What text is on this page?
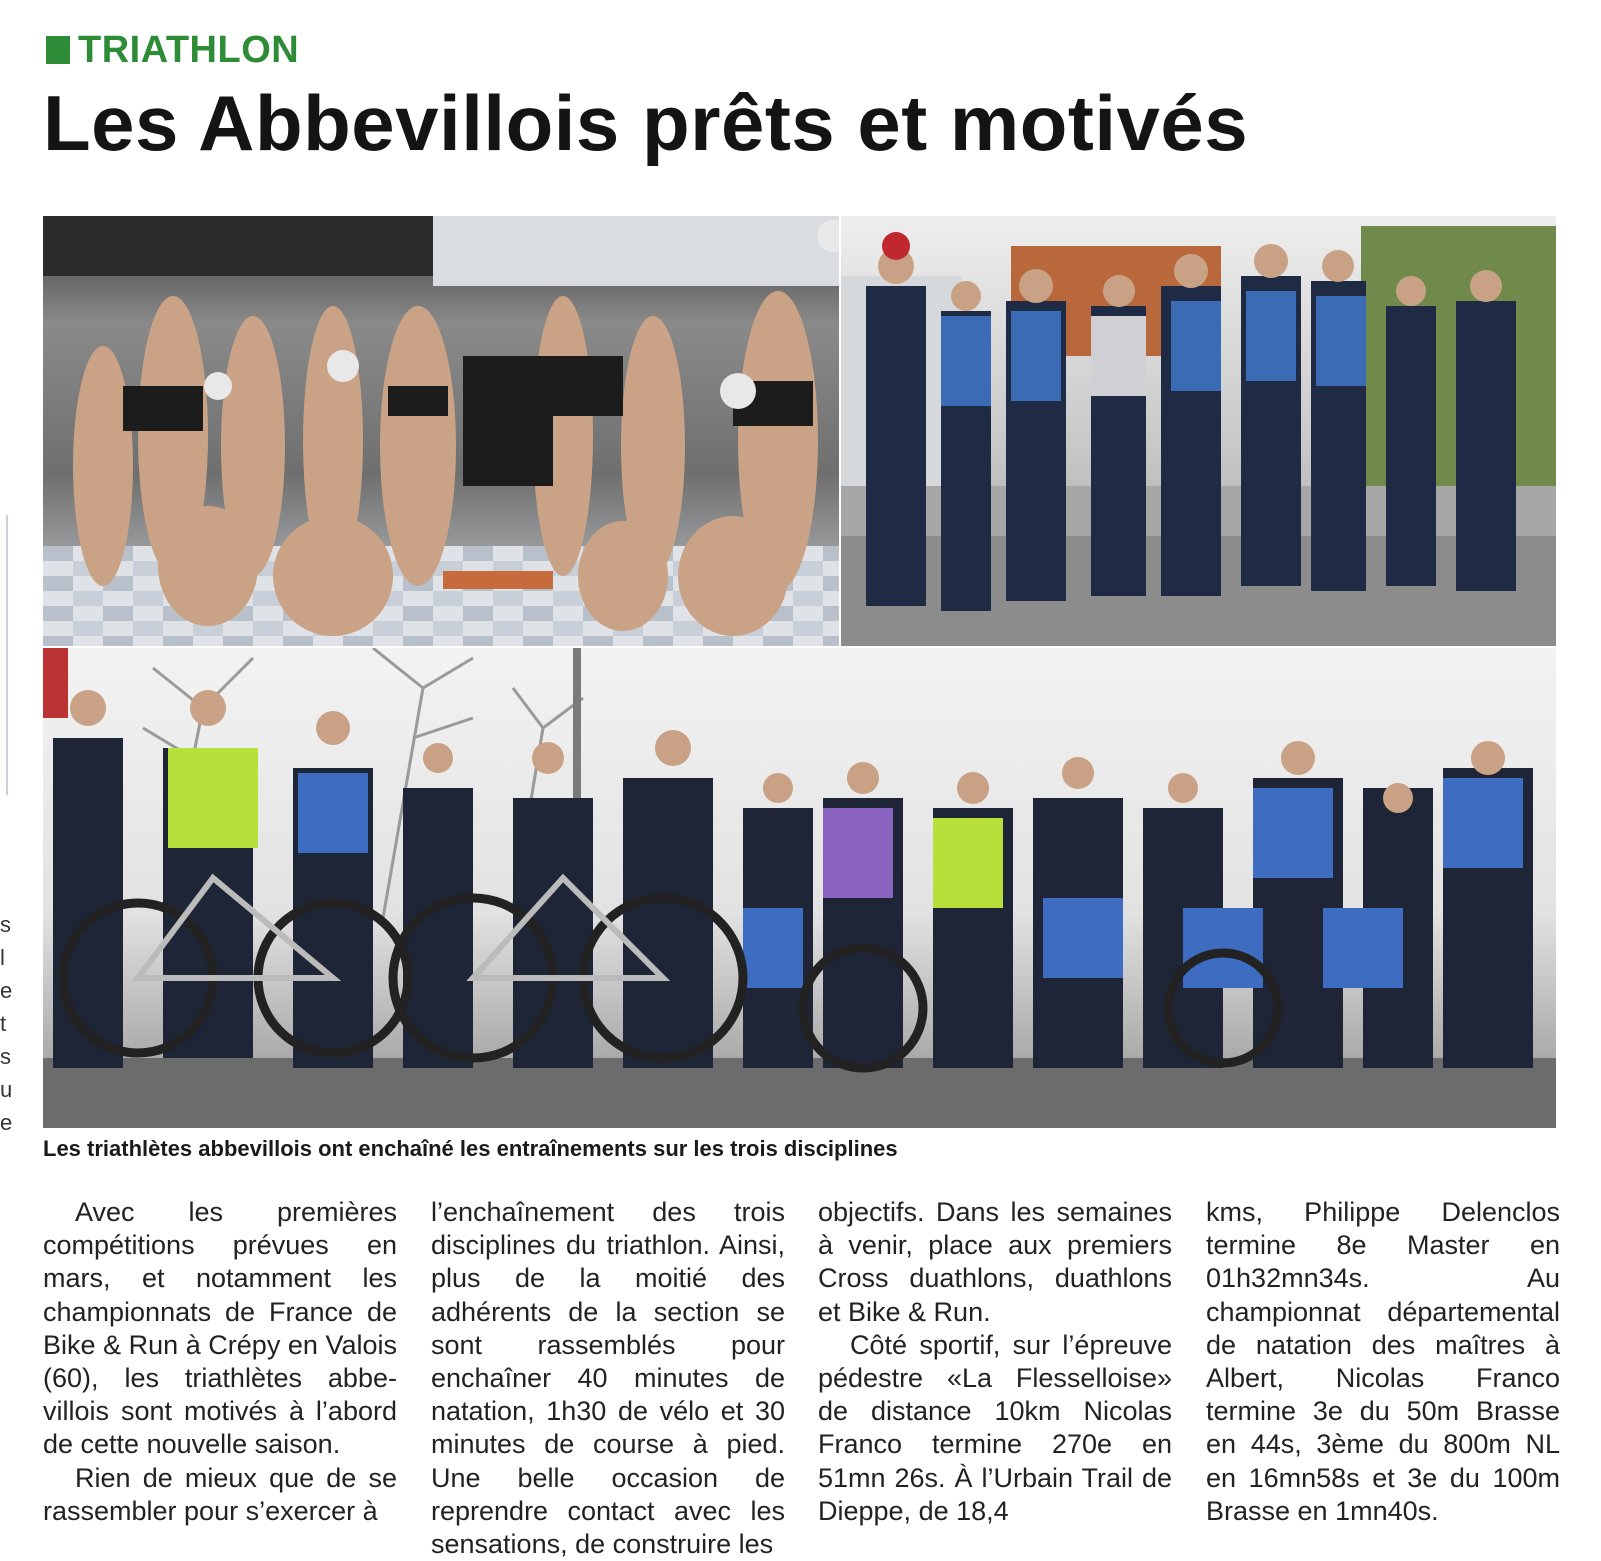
TRIATHLON
Les Abbevillois prêts et motivés
s
l
e
t
s
u
e
Les triathlètes abbevillois ont enchaîné les entraînements sur les trois disciplines

Avec les premières compétitions prévues en mars, et notamment les championnats de France de Bike & Run à Crépy en Valois (60), les triathlètes abbevillois sont motivés à l’abord de cette nouvelle saison.

Rien de mieux que de se rassembler pour s’exercer à

l’enchaînement des trois disciplines du triathlon. Ainsi, plus de la moitié des adhérents de la section se sont rassemblés pour enchaîner 40 minutes de natation, 1h30 de vélo et 30 minutes de course à pied. Une belle occasion de reprendre contact avec les sensations, de construire les

objectifs. Dans les semaines à venir, place aux premiers Cross duathlons, duathlons et Bike & Run.

Côté sportif, sur l’épreuve pédestre «La Flesselloise» de distance 10km Nicolas Franco termine 270e en 51mn 26s. À l’Urbain Trail de Dieppe, de 18,4

kms, Philippe Delenclos termine 8e Master en 01h32mn34s. Au championnat départemental de natation des maîtres à Albert, Nicolas Franco termine 3e du 50m Brasse en 44s, 3ème du 800m NL en 16mn58s et 3e du 100m Brasse en 1mn40s.
